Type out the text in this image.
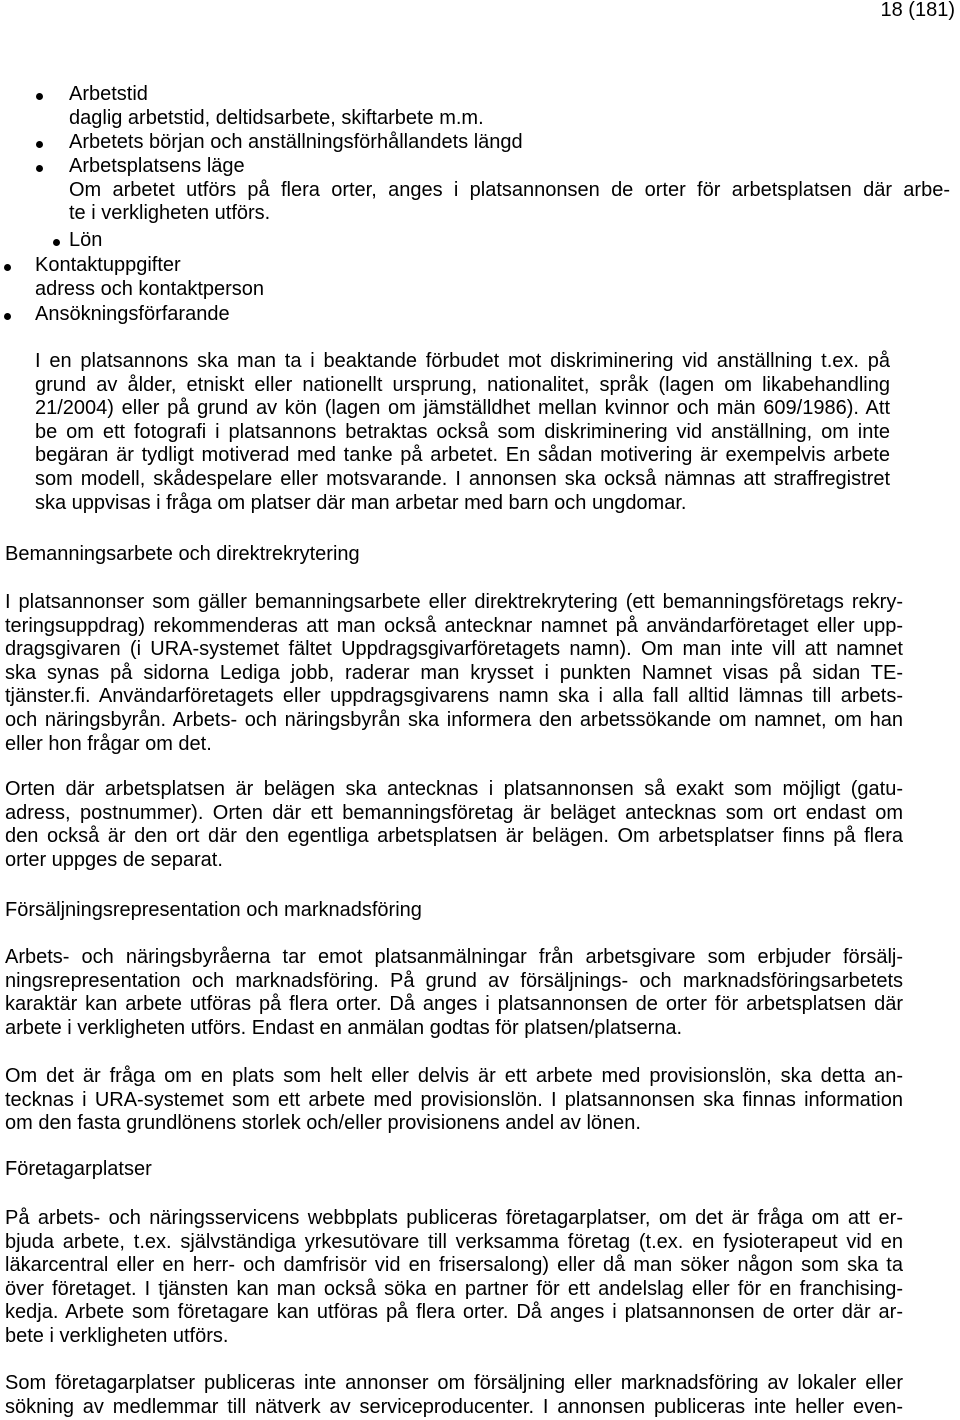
18 (181)
Arbetstid
daglig arbetstid, deltidsarbete, skiftarbete m.m.
Arbetets början och anställningsförhållandets längd
Arbetsplatsens läge
Om arbetet utförs på flera orter, anges i platsannonsen de orter för arbetsplatsen där arbe-
te i verkligheten utförs.
Lön
Kontaktuppgifter
adress och kontaktperson
Ansökningsförfarande
I en platsannons ska man ta i beaktande förbudet mot diskriminering vid anställning t.ex. på
grund av ålder, etniskt eller nationellt ursprung, nationalitet, språk (lagen om likabehandling
21/2004) eller på grund av kön (lagen om jämställdhet mellan kvinnor och män 609/1986). Att
be om ett fotografi i platsannons betraktas också som diskriminering vid anställning, om inte
begäran är tydligt motiverad med tanke på arbetet. En sådan motivering är exempelvis arbete
som modell, skådespelare eller motsvarande. I annonsen ska också nämnas att straffregistret
ska uppvisas i fråga om platser där man arbetar med barn och ungdomar.
Bemanningsarbete och direktrekrytering
I platsannonser som gäller bemanningsarbete eller direktrekrytering (ett bemanningsföretags rekry-
teringsuppdrag) rekommenderas att man också antecknar namnet på användarföretaget eller upp-
dragsgivaren (i URA-systemet fältet Uppdragsgivarföretagets namn). Om man inte vill att namnet
ska synas på sidorna Lediga jobb, raderar man krysset i punkten Namnet visas på sidan TE-
tjänster.fi. Användarföretagets eller uppdragsgivarens namn ska i alla fall alltid lämnas till arbets-
och näringsbyrån. Arbets- och näringsbyrån ska informera den arbetssökande om namnet, om han
eller hon frågar om det.
Orten där arbetsplatsen är belägen ska antecknas i platsannonsen så exakt som möjligt (gatu-
adress, postnummer). Orten där ett bemanningsföretag är beläget antecknas som ort endast om
den också är den ort där den egentliga arbetsplatsen är belägen. Om arbetsplatser finns på flera
orter uppges de separat.
Försäljningsrepresentation och marknadsföring
Arbets- och näringsbyråerna tar emot platsanmälningar från arbetsgivare som erbjuder försälj-
ningsrepresentation och marknadsföring. På grund av försäljnings- och marknadsföringsarbetets
karaktär kan arbete utföras på flera orter. Då anges i platsannonsen de orter för arbetsplatsen där
arbete i verkligheten utförs. Endast en anmälan godtas för platsen/platserna.
Om det är fråga om en plats som helt eller delvis är ett arbete med provisionslön, ska detta an-
tecknas i URA-systemet som ett arbete med provisionslön. I platsannonsen ska finnas information
om den fasta grundlönens storlek och/eller provisionens andel av lönen.
Företagarplatser
På arbets- och näringsservicens webbplats publiceras företagarplatser, om det är fråga om att er-
bjuda arbete, t.ex. självständiga yrkesutövare till verksamma företag (t.ex. en fysioterapeut vid en
läkarcentral eller en herr- och damfrisör vid en frisersalong) eller då man söker någon som ska ta
över företaget. I tjänsten kan man också söka en partner för ett andelslag eller för en franchising-
kedja. Arbete som företagare kan utföras på flera orter. Då anges i platsannonsen de orter där ar-
bete i verkligheten utförs.
Som företagarplatser publiceras inte annonser om försäljning eller marknadsföring av lokaler eller
sökning av medlemmar till nätverk av serviceproducenter. I annonsen publiceras inte heller even-
